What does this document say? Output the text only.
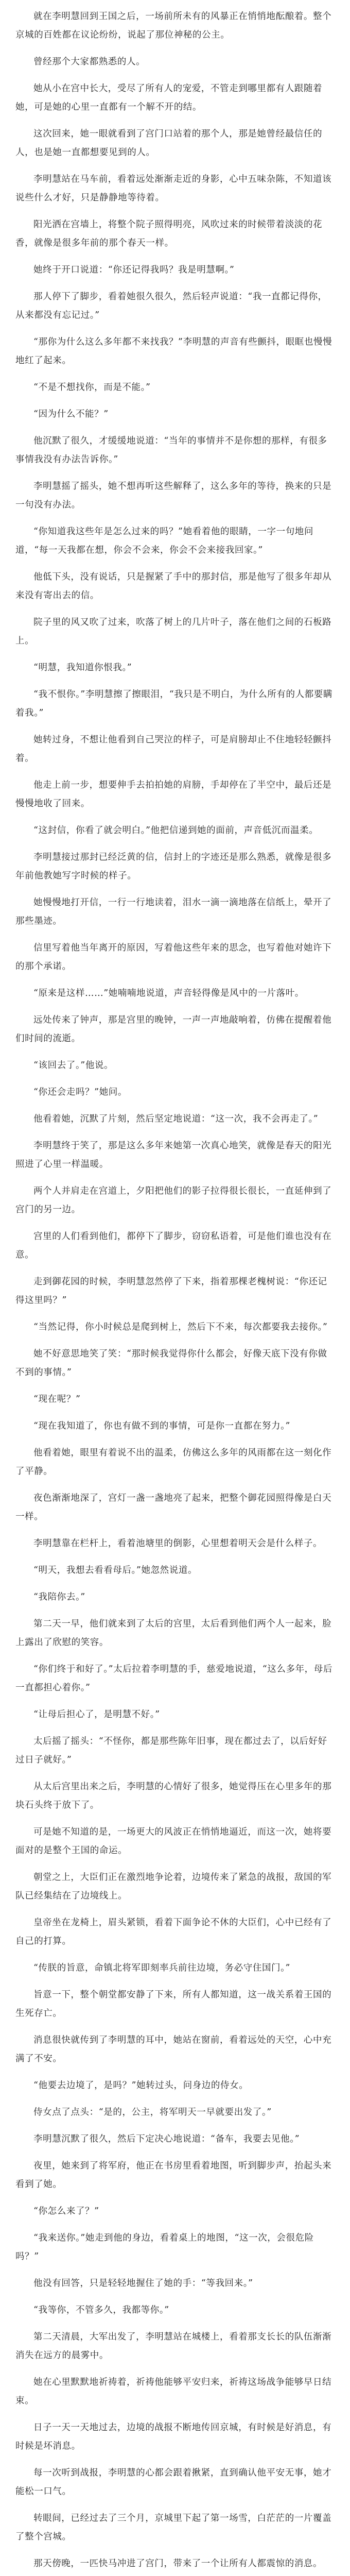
就在李明慧回到王国之后，一场前所未有的风暴正在悄悄地酝酿着。整个京城的百姓都在议论纷纷，说起了那位神秘的公主。

曾经那个大家都熟悉的人。

她从小在宫中长大，受尽了所有人的宠爱，不管走到哪里都有人跟随着她，可是她的心里一直都有一个解不开的结。

这次回来，她一眼就看到了宫门口站着的那个人，那是她曾经最信任的人，也是她一直都想要见到的人。

李明慧站在马车前，看着远处渐渐走近的身影，心中五味杂陈，不知道该说些什么才好，只是静静地等待着。

阳光洒在宫墙上，将整个院子照得明亮，风吹过来的时候带着淡淡的花香，就像是很多年前的那个春天一样。

她终于开口说道：“你还记得我吗？我是明慧啊。”

那人停下了脚步，看着她很久很久，然后轻声说道：“我一直都记得你，从来都没有忘记过。”

“那你为什么这么多年都不来找我？”李明慧的声音有些颤抖，眼眶也慢慢地红了起来。

“不是不想找你，而是不能。”

“因为什么不能？”

他沉默了很久，才缓缓地说道：“当年的事情并不是你想的那样，有很多事情我没有办法告诉你。”

李明慧摇了摇头，她不想再听这些解释了，这么多年的等待，换来的只是一句没有办法。

“你知道我这些年是怎么过来的吗？”她看着他的眼睛，一字一句地问道，“每一天我都在想，你会不会来，你会不会来接我回家。”

他低下头，没有说话，只是握紧了手中的那封信，那是他写了很多年却从来没有寄出去的信。

院子里的风又吹了过来，吹落了树上的几片叶子，落在他们之间的石板路上。

“明慧，我知道你恨我。”

“我不恨你。”李明慧擦了擦眼泪，“我只是不明白，为什么所有的人都要瞒着我。”

她转过身，不想让他看到自己哭泣的样子，可是肩膀却止不住地轻轻颤抖着。

他走上前一步，想要伸手去拍拍她的肩膀，手却停在了半空中，最后还是慢慢地收了回来。

“这封信，你看了就会明白。”他把信递到她的面前，声音低沉而温柔。

李明慧接过那封已经泛黄的信，信封上的字迹还是那么熟悉，就像是很多年前他教她写字时候的样子。

她慢慢地打开信，一行一行地读着，泪水一滴一滴地落在信纸上，晕开了那些墨迹。

信里写着他当年离开的原因，写着他这些年来的思念，也写着他对她许下的那个承诺。

“原来是这样……”她喃喃地说道，声音轻得像是风中的一片落叶。

远处传来了钟声，那是宫里的晚钟，一声一声地敲响着，仿佛在提醒着他们时间的流逝。

“该回去了。”他说。

“你还会走吗？”她问。

他看着她，沉默了片刻，然后坚定地说道：“这一次，我不会再走了。”

李明慧终于笑了，那是这么多年来她第一次真心地笑，就像是春天的阳光照进了心里一样温暖。

两个人并肩走在宫道上，夕阳把他们的影子拉得很长很长，一直延伸到了宫门的另一边。

宫里的人们看到他们，都停下了脚步，窃窃私语着，可是他们谁也没有在意。

走到御花园的时候，李明慧忽然停了下来，指着那棵老槐树说：“你还记得这里吗？”

“当然记得，你小时候总是爬到树上，然后下不来，每次都要我去接你。”

她不好意思地笑了笑：“那时候我觉得你什么都会，好像天底下没有你做不到的事情。”

“现在呢？”

“现在我知道了，你也有做不到的事情，可是你一直都在努力。”

他看着她，眼里有着说不出的温柔，仿佛这么多年的风雨都在这一刻化作了平静。

夜色渐渐地深了，宫灯一盏一盏地亮了起来，把整个御花园照得像是白天一样。

李明慧靠在栏杆上，看着池塘里的倒影，心里想着明天会是什么样子。

“明天，我想去看看母后。”她忽然说道。

“我陪你去。”

第二天一早，他们就来到了太后的宫里，太后看到他们两个人一起来，脸上露出了欣慰的笑容。

“你们终于和好了。”太后拉着李明慧的手，慈爱地说道，“这么多年，母后一直都担心着你。”

“让母后担心了，是明慧不好。”

太后摇了摇头：“不怪你，都是那些陈年旧事，现在都过去了，以后好好过日子就好。”

从太后宫里出来之后，李明慧的心情好了很多，她觉得压在心里多年的那块石头终于放下了。

可是她不知道的是，一场更大的风波正在悄悄地逼近，而这一次，她将要面对的是整个王国的命运。

朝堂之上，大臣们正在激烈地争论着，边境传来了紧急的战报，敌国的军队已经集结在了边境线上。

皇帝坐在龙椅上，眉头紧锁，看着下面争论不休的大臣们，心中已经有了自己的打算。

“传朕的旨意，命镇北将军即刻率兵前往边境，务必守住国门。”

旨意一下，整个朝堂都安静了下来，所有人都知道，这一战关系着王国的生死存亡。

消息很快就传到了李明慧的耳中，她站在窗前，看着远处的天空，心中充满了不安。

“他要去边境了，是吗？”她转过头，问身边的侍女。

侍女点了点头：“是的，公主，将军明天一早就要出发了。”

李明慧沉默了很久，然后下定决心地说道：“备车，我要去见他。”

夜里，她来到了将军府，他正在书房里看着地图，听到脚步声，抬起头来看到了她。

“你怎么来了？”

“我来送你。”她走到他的身边，看着桌上的地图，“这一次，会很危险吗？”

他没有回答，只是轻轻地握住了她的手：“等我回来。”

“我等你，不管多久，我都等你。”

第二天清晨，大军出发了，李明慧站在城楼上，看着那支长长的队伍渐渐消失在远方的晨雾中。

她在心里默默地祈祷着，祈祷他能够平安归来，祈祷这场战争能够早日结束。

日子一天一天地过去，边境的战报不断地传回京城，有时候是好消息，有时候是坏消息。

每一次听到战报，李明慧的心都会跟着揪紧，直到确认他平安无事，她才能松一口气。

转眼间，已经过去了三个月，京城里下起了第一场雪，白茫茫的一片覆盖了整个宫城。

那天傍晚，一匹快马冲进了宫门，带来了一个让所有人都震惊的消息。
